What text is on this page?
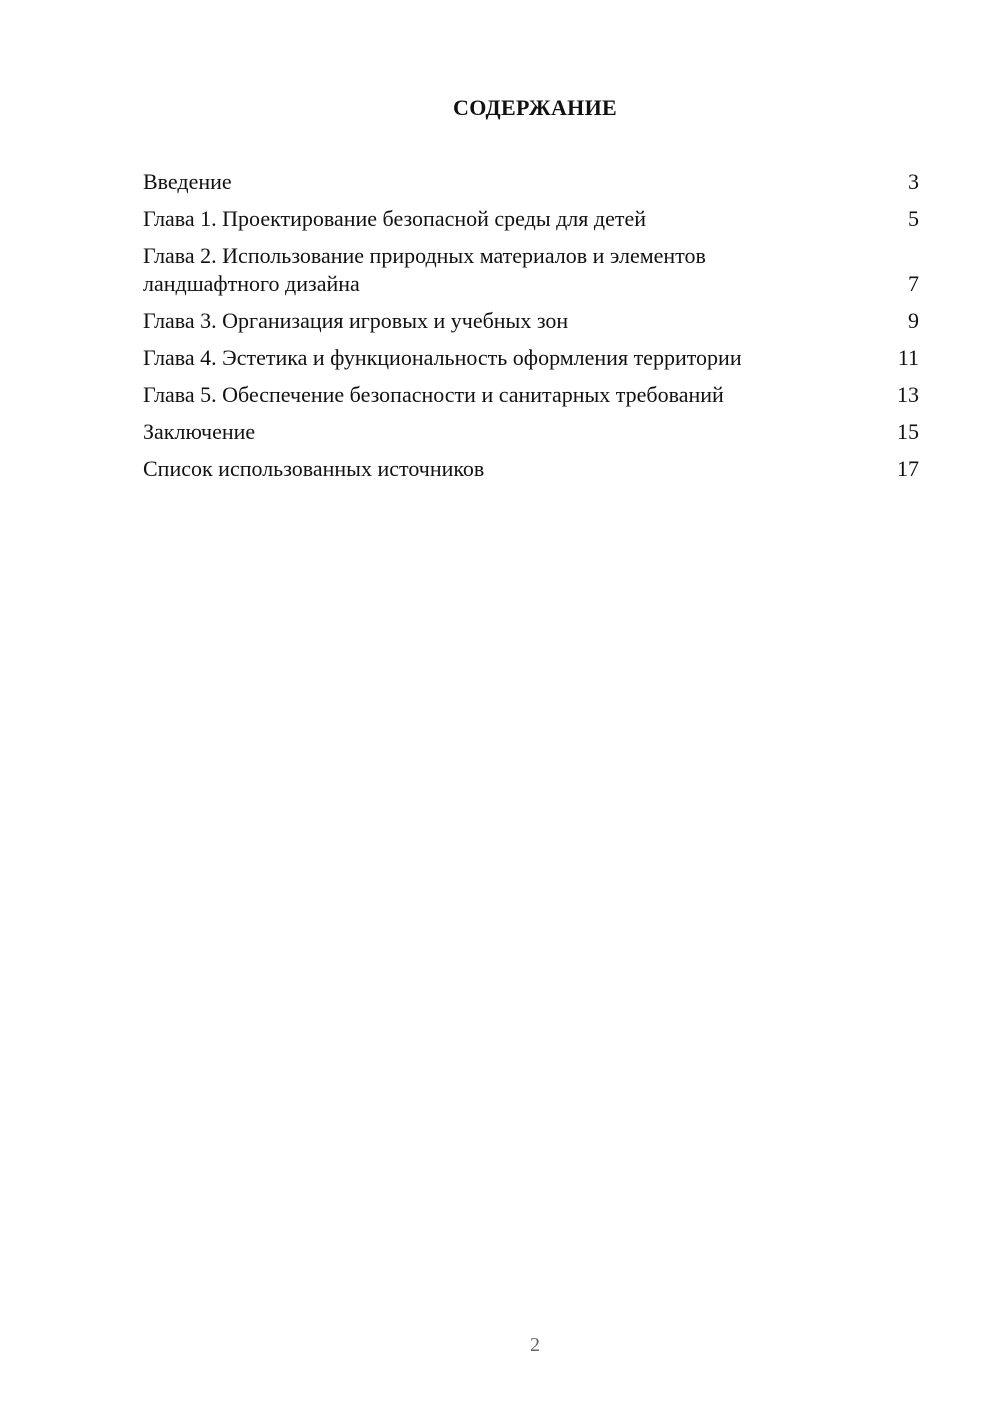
СОДЕРЖАНИЕ
Введение	3
Глава 1. Проектирование безопасной среды для детей	5
Глава 2. Использование природных материалов и элементов ландшафтного дизайна	7
Глава 3. Организация игровых и учебных зон	9
Глава 4. Эстетика и функциональность оформления территории	11
Глава 5. Обеспечение безопасности и санитарных требований	13
Заключение	15
Список использованных источников	17
2
